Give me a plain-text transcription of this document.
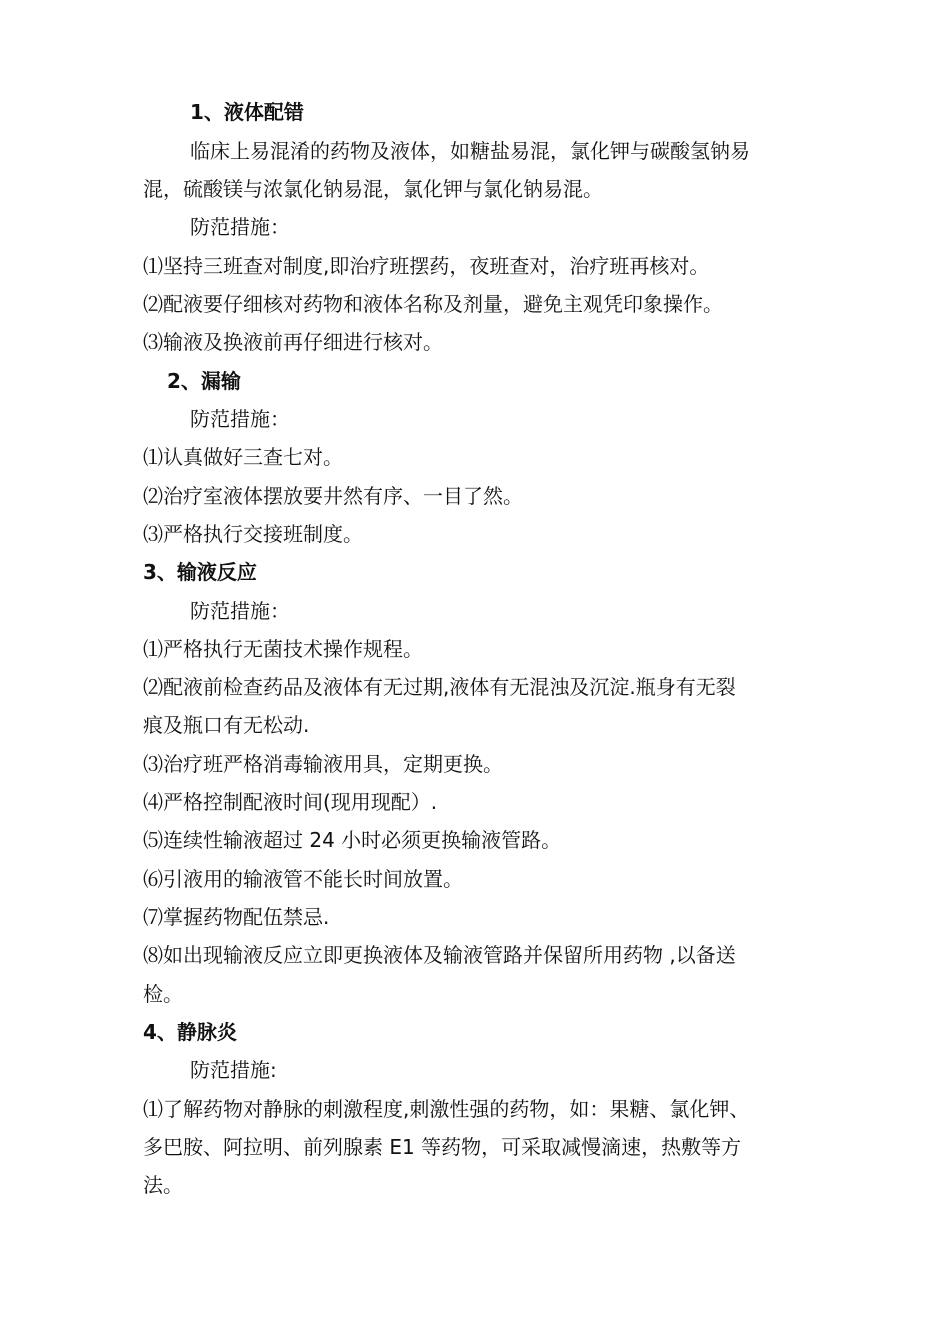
1、液体配错
临床上易混淆的药物及液体，如糖盐易混，氯化钾与碳酸氢钠易
混，硫酸镁与浓氯化钠易混，氯化钾与氯化钠易混。
防范措施：
⑴坚持三班查对制度,即治疗班摆药，夜班查对，治疗班再核对。
⑵配液要仔细核对药物和液体名称及剂量，避免主观凭印象操作。
⑶输液及换液前再仔细进行核对。
2、漏输
防范措施：
⑴认真做好三查七对。
⑵治疗室液体摆放要井然有序、一目了然。
⑶严格执行交接班制度。
3、输液反应
防范措施：
⑴严格执行无菌技术操作规程。
⑵配液前检查药品及液体有无过期,液体有无混浊及沉淀.瓶身有无裂
痕及瓶口有无松动.
⑶治疗班严格消毒输液用具，定期更换。
⑷严格控制配液时间(现用现配）.
⑸连续性输液超过 24 小时必须更换输液管路。
⑹引液用的输液管不能长时间放置。
⑺掌握药物配伍禁忌.
⑻如出现输液反应立即更换液体及输液管路并保留所用药物 ,以备送
检。
4、静脉炎
防范措施:
⑴了解药物对静脉的刺激程度,刺激性强的药物，如：果糖、氯化钾、
多巴胺、阿拉明、前列腺素 E1 等药物，可采取减慢滴速，热敷等方
法。
